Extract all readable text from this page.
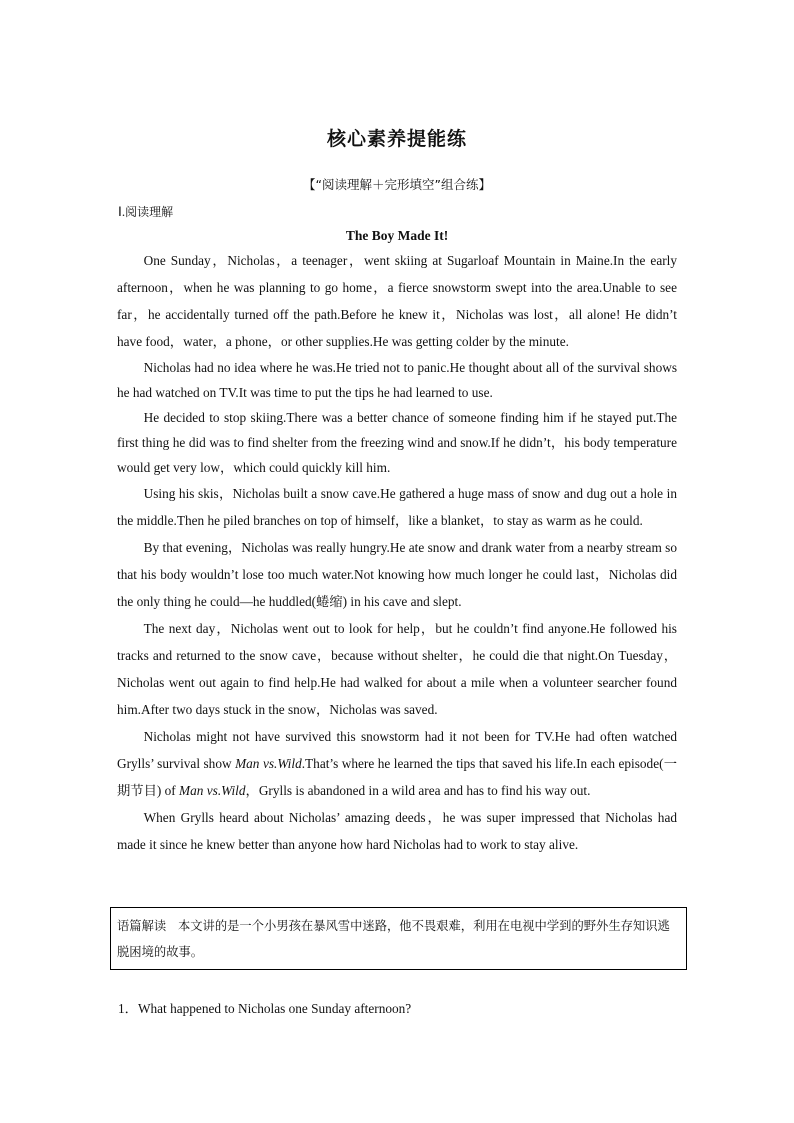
核心素养提能练
【“阅读理解＋完形填空”组合练】
Ⅰ.阅读理解
The Boy Made It!

One Sunday，Nicholas，a teenager，went skiing at Sugarloaf Mountain in Maine.In the early afternoon，when he was planning to go home，a fierce snowstorm swept into the area.Unable to see far，he accidentally turned off the path.Before he knew it，Nicholas was lost，all alone! He didn’t have food，water，a phone，or other supplies.He was getting colder by the minute.

Nicholas had no idea where he was.He tried not to panic.He thought about all of the survival shows he had watched on TV.It was time to put the tips he had learned to use.

He decided to stop skiing.There was a better chance of someone finding him if he stayed put.The first thing he did was to find shelter from the freezing wind and snow.If he didn’t，his body temperature would get very low，which could quickly kill him.

Using his skis，Nicholas built a snow cave.He gathered a huge mass of snow and dug out a hole in the middle.Then he piled branches on top of himself，like a blanket，to stay as warm as he could.

By that evening，Nicholas was really hungry.He ate snow and drank water from a nearby stream so that his body wouldn’t lose too much water.Not knowing how much longer he could last，Nicholas did the only thing he could—he huddled(蜷缩) in his cave and slept.

The next day，Nicholas went out to look for help，but he couldn’t find anyone.He followed his tracks and returned to the snow cave，because without shelter，he could die that night.On Tuesday，Nicholas went out again to find help.He had walked for about a mile when a volunteer searcher found him.After two days stuck in the snow，Nicholas was saved.

Nicholas might not have survived this snowstorm had it not been for TV.He had often watched Grylls’ survival show Man vs.Wild.That’s where he learned the tips that saved his life.In each episode(一期节目) of Man vs.Wild，Grylls is abandoned in a wild area and has to find his way out.

When Grylls heard about Nicholas’ amazing deeds，he was super impressed that Nicholas had made it since he knew better than anyone how hard Nicholas had to work to stay alive.

语篇解读 本文讲的是一个小男孩在暴风雪中迷路，他不畏艰难，利用在电视中学到的野外生存知识逃脱困境的故事。
1．What happened to Nicholas one Sunday afternoon?
